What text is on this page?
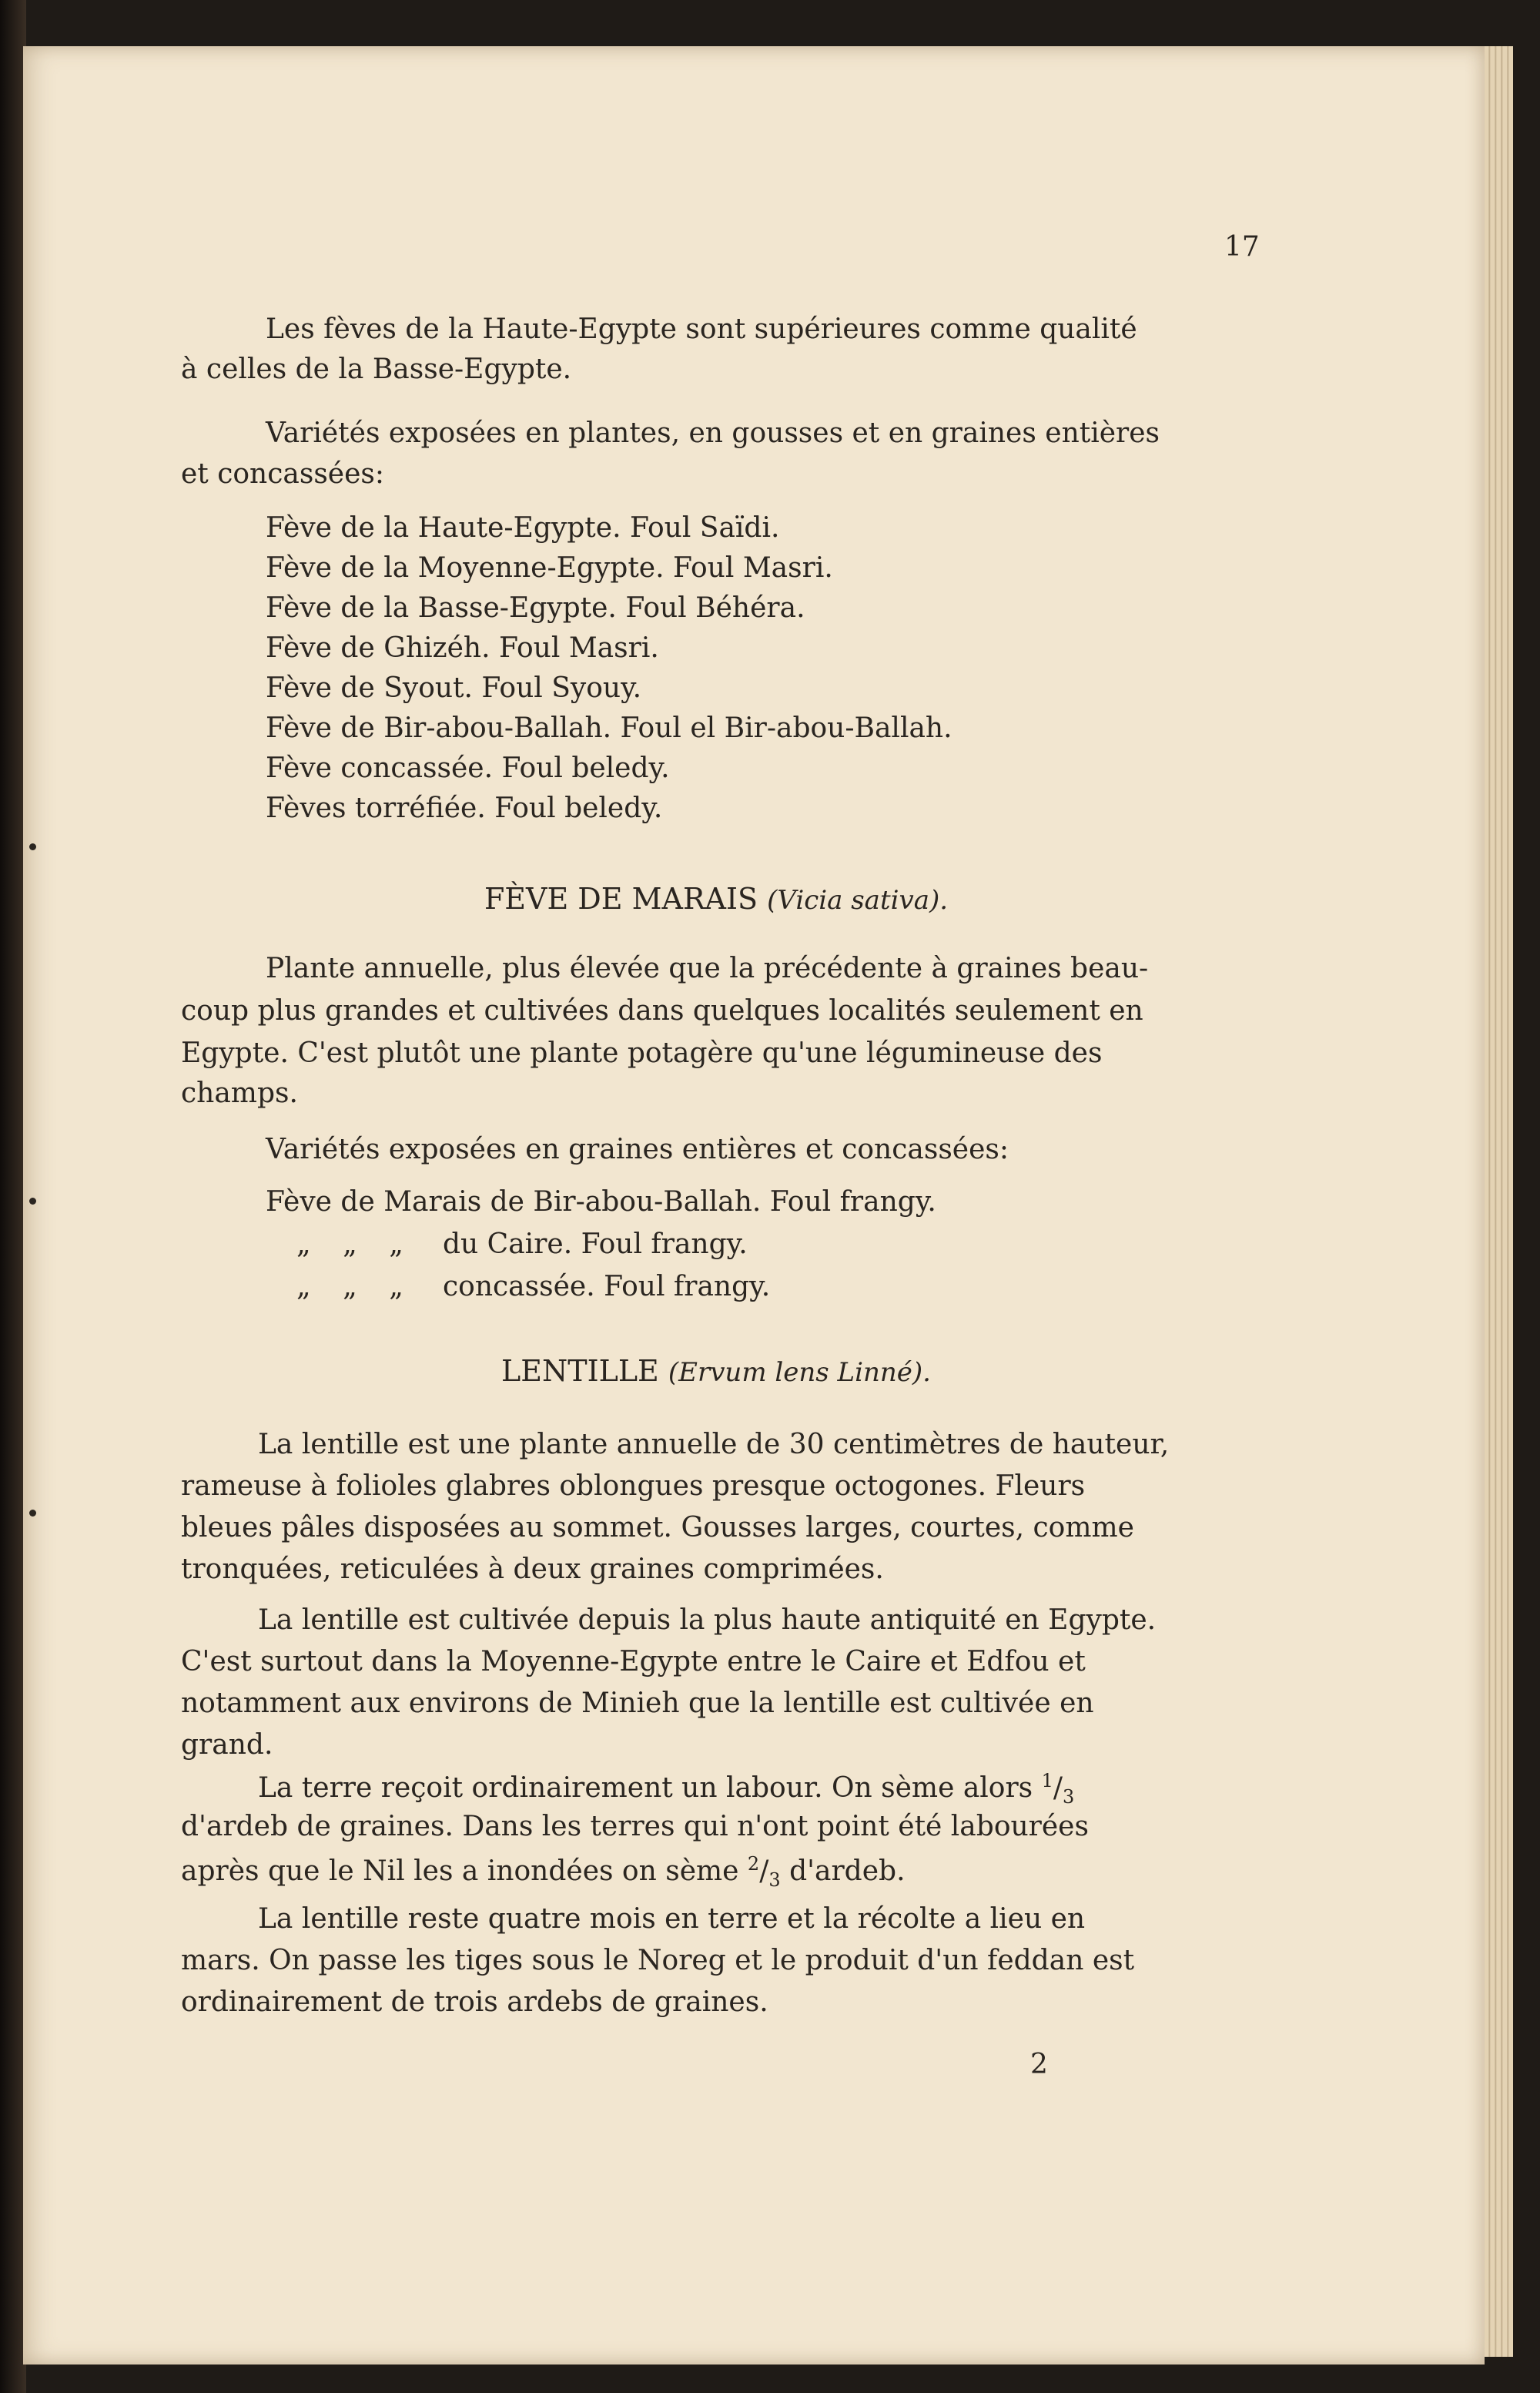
17
Les fèves de la Haute-Egypte sont supérieures comme qualité
à celles de la Basse-Egypte.
Variétés exposées en plantes, en gousses et en graines entières
et concassées:
Fève de la Haute-Egypte. Foul Saïdi.
Fève de la Moyenne-Egypte. Foul Masri.
Fève de la Basse-Egypte. Foul Béhéra.
Fève de Ghizéh. Foul Masri.
Fève de Syout. Foul Syouy.
Fève de Bir-abou-Ballah. Foul el Bir-abou-Ballah.
Fève concassée. Foul beledy.
Fèves torréfiée. Foul beledy.
FÈVE DE MARAIS (Vicia sativa).
Plante annuelle, plus élevée que la précédente à graines beau-
coup plus grandes et cultivées dans quelques localités seulement en
Egypte. C'est plutôt une plante potagère qu'une légumineuse des
champs.
Variétés exposées en graines entières et concassées:
Fève de Marais de Bir-abou-Ballah. Foul frangy.
„ „ „ du Caire. Foul frangy.
„ „ „ concassée. Foul frangy.
LENTILLE (Ervum lens Linné).
La lentille est une plante annuelle de 30 centimètres de hauteur,
rameuse à folioles glabres oblongues presque octogones. Fleurs
bleues pâles disposées au sommet. Gousses larges, courtes, comme
tronquées, reticulées à deux graines comprimées.
La lentille est cultivée depuis la plus haute antiquité en Egypte.
C'est surtout dans la Moyenne-Egypte entre le Caire et Edfou et
notamment aux environs de Minieh que la lentille est cultivée en
grand.
La terre reçoit ordinairement un labour. On sème alors $^1/_3$
d'ardeb de graines. Dans les terres qui n'ont point été labourées
après que le Nil les a inondées on sème $^2/_3$ d'ardeb.
La lentille reste quatre mois en terre et la récolte a lieu en
mars. On passe les tiges sous le Noreg et le produit d'un feddan est
ordinairement de trois ardebs de graines.
2
